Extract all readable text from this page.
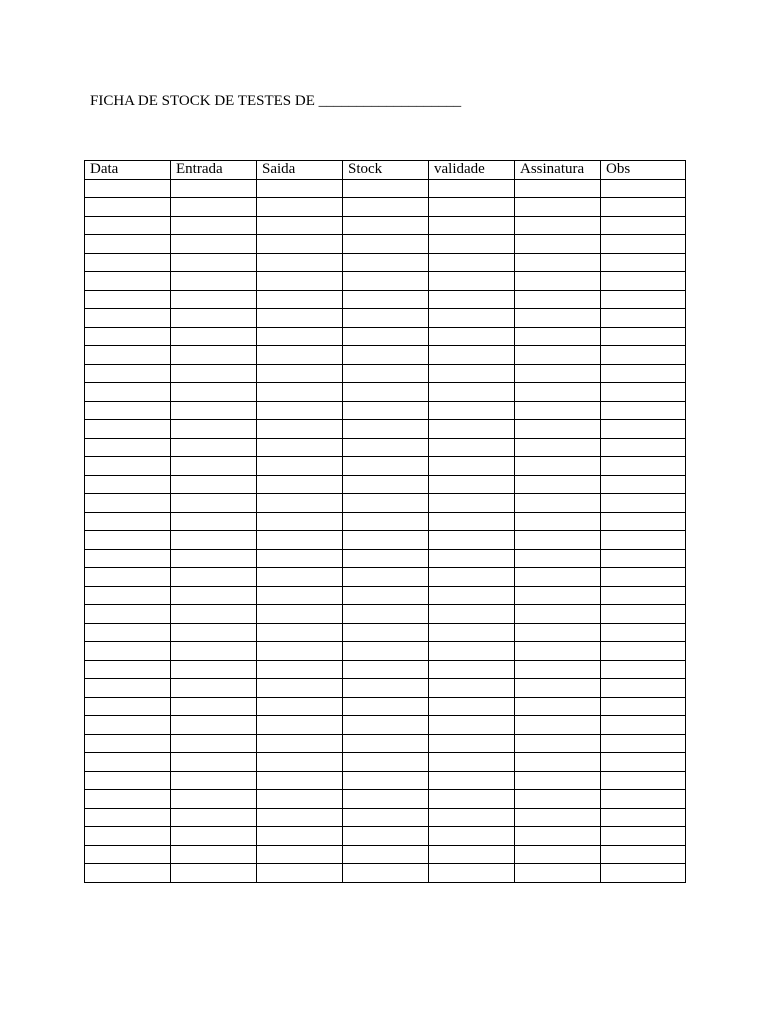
FICHA DE STOCK DE TESTES DE ___________________
Data	Entrada	Saida	Stock	validade	Assinatura	Obs
